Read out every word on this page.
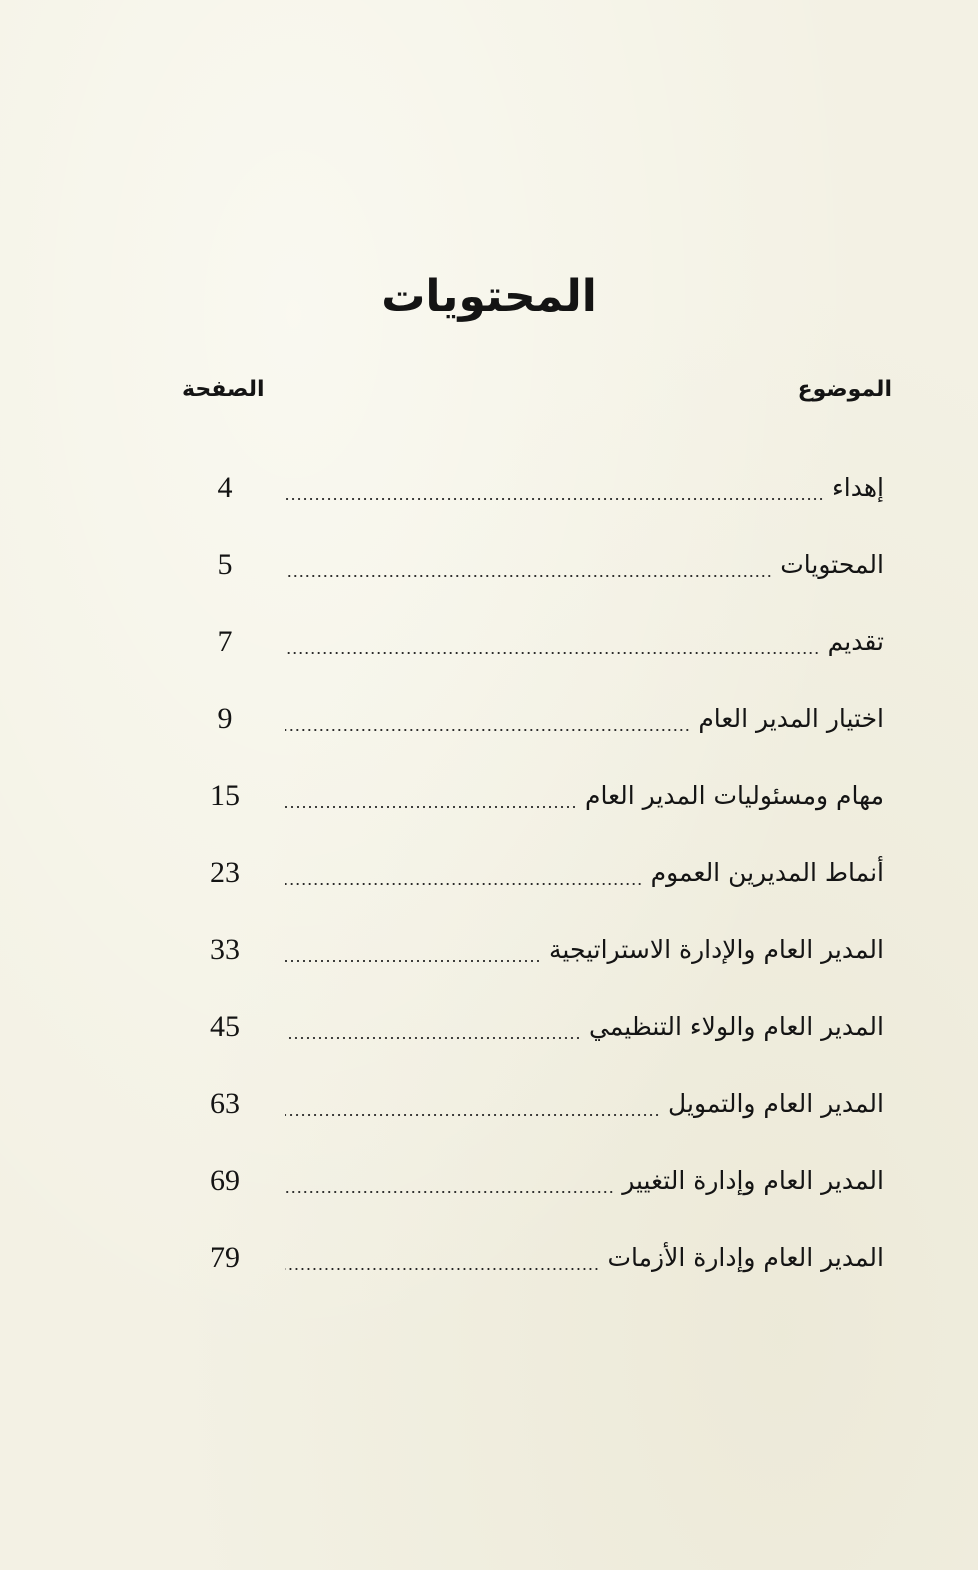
المحتويات
الموضوع
الصفحة
إهداء
4
المحتويات
5
تقديم
7
اختيار المدير العام
9
مهام ومسئوليات المدير العام
15
أنماط المديرين العموم
23
المدير العام والإدارة الاستراتيجية
33
المدير العام والولاء التنظيمي
45
المدير العام والتمويل
63
المدير العام وإدارة التغيير
69
المدير العام وإدارة الأزمات
79
